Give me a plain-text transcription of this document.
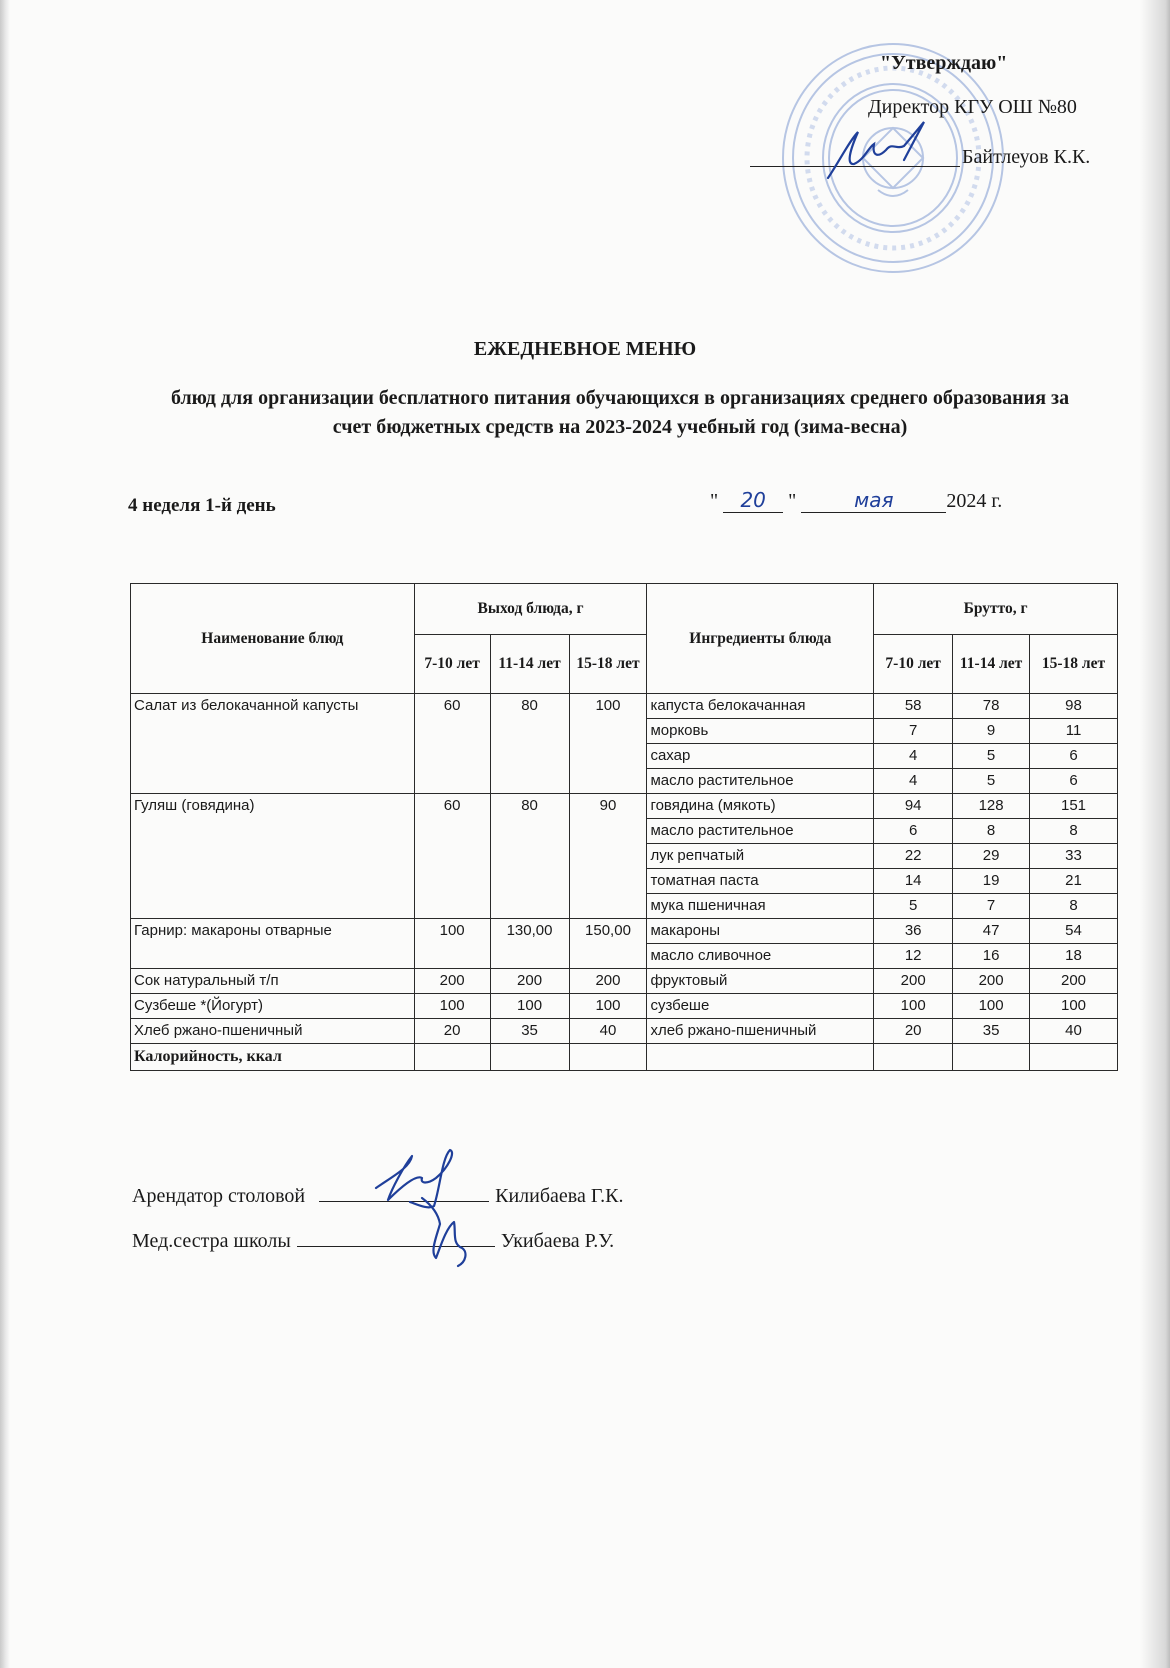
"Утверждаю"
Директор КГУ ОШ №80
Байтлеуов К.К.
ЕЖЕДНЕВНОЕ МЕНЮ
блюд для организации бесплатного питания обучающихся в организациях среднего образования за счет бюджетных средств на 2023-2024 учебный год (зима-весна)
4 неделя 1-й день	" 20 "	мая	2024 г.
Наименование блюд	Выход блюда, г			Ингредиенты блюда	Брутто, г		
	7-10 лет	11-14 лет	15-18 лет		7-10 лет	11-14 лет	15-18 лет
Салат из белокачанной капусты	60	80	100	капуста белокачанная	58	78	98
				морковь	7	9	11
				сахар	4	5	6
				масло растительное	4	5	6
Гуляш (говядина)	60	80	90	говядина (мякоть)	94	128	151
				масло растительное	6	8	8
				лук репчатый	22	29	33
				томатная паста	14	19	21
				мука пшеничная	5	7	8
Гарнир: макароны отварные	100	130,00	150,00	макароны	36	47	54
				масло сливочное	12	16	18
Сок натуральный т/п	200	200	200	фруктовый	200	200	200
Сузбеше *(Йогурт)	100	100	100	сузбеше	100	100	100
Хлеб ржано-пшеничный	20	35	40	хлеб ржано-пшеничный	20	35	40
Калорийность, ккал							
Арендатор столовой	Килибаева Г.К.
Мед.сестра школы	Укибаева Р.У.
